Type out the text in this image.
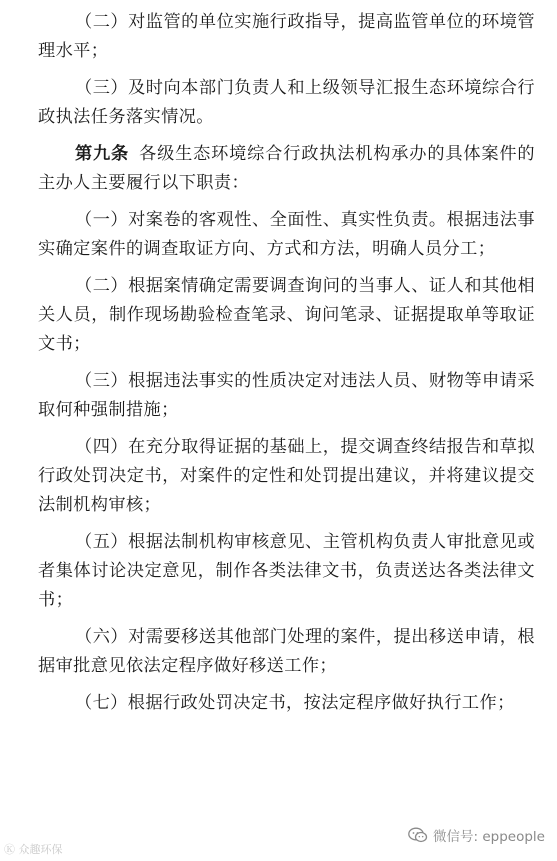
（二）对监管的单位实施行政指导，提高监管单位的环境管理水平；

（三）及时向本部门负责人和上级领导汇报生态环境综合行政执法任务落实情况。

第九条 各级生态环境综合行政执法机构承办的具体案件的主办人主要履行以下职责：

（一）对案卷的客观性、全面性、真实性负责。根据违法事实确定案件的调查取证方向、方式和方法，明确人员分工；

（二）根据案情确定需要调查询问的当事人、证人和其他相关人员，制作现场勘验检查笔录、询问笔录、证据提取单等取证文书；

（三）根据违法事实的性质决定对违法人员、财物等申请采取何种强制措施；

（四）在充分取得证据的基础上，提交调查终结报告和草拟行政处罚决定书，对案件的定性和处罚提出建议，并将建议提交法制机构审核；

（五）根据法制机构审核意见、主管机构负责人审批意见或者集体讨论决定意见，制作各类法律文书，负责送达各类法律文书；

（六）对需要移送其他部门处理的案件，提出移送申请，根据审批意见依法定程序做好移送工作；

（七）根据行政处罚决定书，按法定程序做好执行工作；

Ⓚ 众趣环保
微信号: eppeople
